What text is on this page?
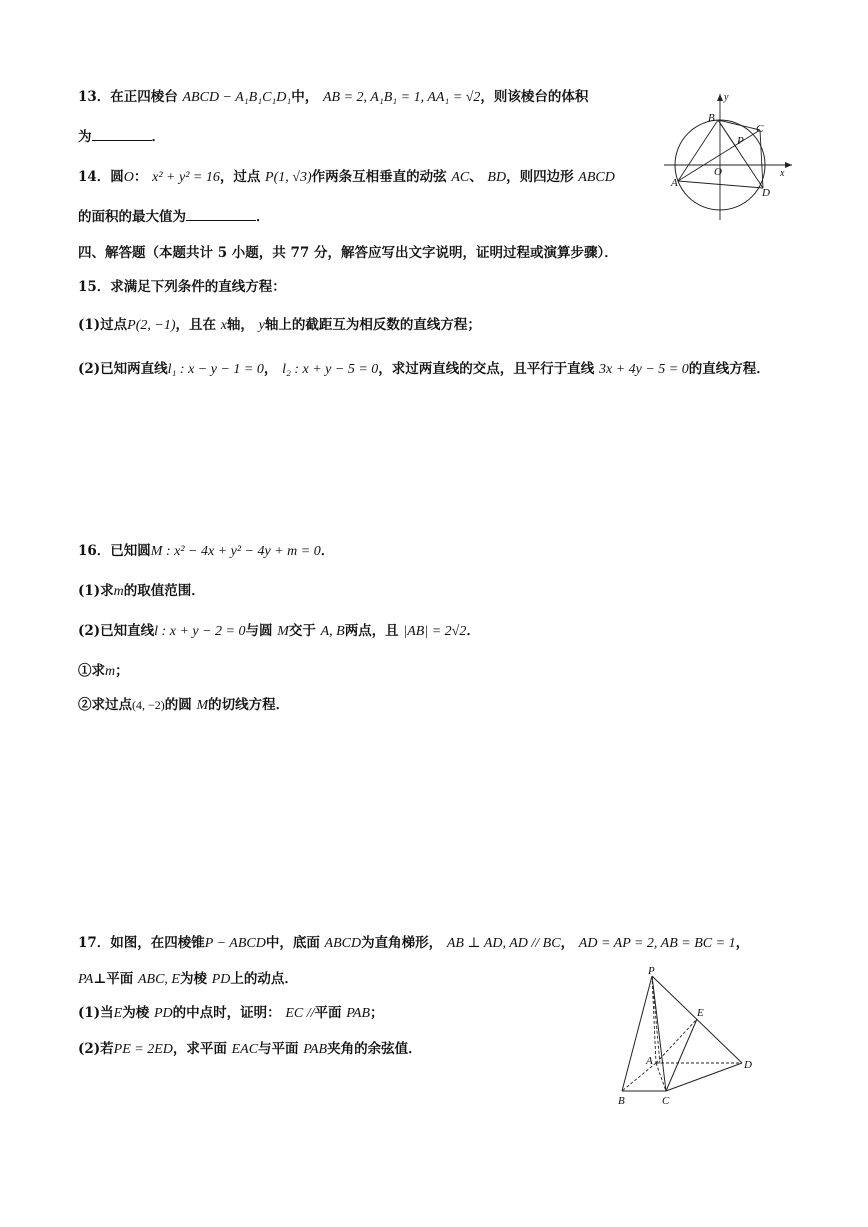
13．在正四棱台 ABCD − A₁B₁C₁D₁中， AB = 2, A₁B₁ = 1, AA₁ = √2，则该棱台的体积
为	．
14．圆O： x² + y² = 16，过点 P(1, √3)作两条互相垂直的动弦 AC、 BD，则四边形 ABCD
的面积的最大值为	．
y
x
B
C
P
O
A
D
四、解答题（本题共计 5 小题，共 77 分，解答应写出文字说明，证明过程或演算步骤）．
15．求满足下列条件的直线方程：
(1)过点P(2, −1)，且在 x轴， y轴上的截距互为相反数的直线方程；
(2)已知两直线l₁ : x − y − 1 = 0， l₂ : x + y − 5 = 0，求过两直线的交点，且平行于直线 3x + 4y − 5 = 0的直线方程．
16．已知圆M : x² − 4x + y² − 4y + m = 0．
(1)求m的取值范围．
(2)已知直线l : x + y − 2 = 0与圆 M交于 A, B两点，且 |AB| = 2√2．
①求m；
②求过点(4, −2)的圆 M的切线方程．
17．如图，在四棱锥P − ABCD中，底面 ABCD为直角梯形， AB ⊥ AD, AD // BC， AD = AP = 2, AB = BC = 1，
PA⊥平面 ABC, E为棱 PD上的动点．
(1)当E为棱 PD的中点时，证明： EC //平面 PAB；
(2)若PE = 2ED，求平面 EAC与平面 PAB夹角的余弦值．
P
E
A	D
B	C
